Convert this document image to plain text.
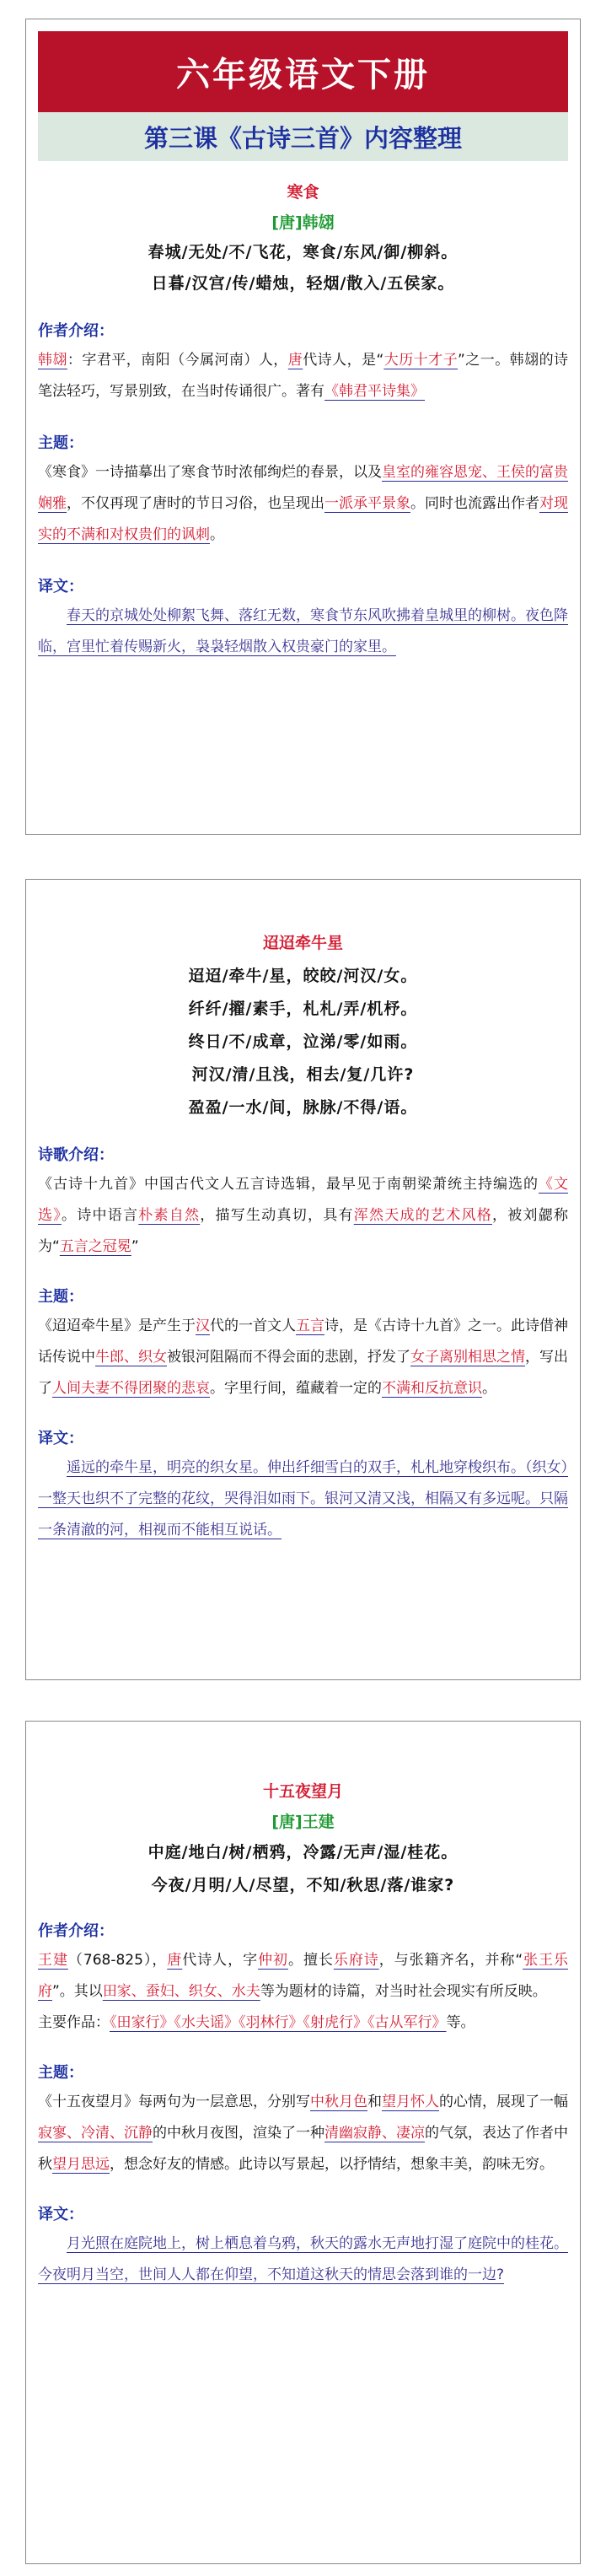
六年级语文下册
第三课《古诗三首》内容整理
寒食
[唐]韩翃
春城/无处/不/飞花，寒食/东风/御/柳斜。
日暮/汉宫/传/蜡烛，轻烟/散入/五侯家。
作者介绍：
韩翃：字君平，南阳（今属河南）人，唐代诗人，是“大历十才子”之一。韩翃的诗笔法轻巧，写景别致，在当时传诵很广。著有《韩君平诗集》
主题：
《寒食》一诗描摹出了寒食节时浓郁绚烂的春景，以及皇室的雍容恩宠、王侯的富贵娴雅，不仅再现了唐时的节日习俗，也呈现出一派承平景象。同时也流露出作者对现实的不满和对权贵们的讽刺。
译文：
春天的京城处处柳絮飞舞、落红无数，寒食节东风吹拂着皇城里的柳树。夜色降临，宫里忙着传赐新火，袅袅轻烟散入权贵豪门的家里。
迢迢牵牛星
迢迢/牵牛/星，皎皎/河汉/女。
纤纤/擢/素手，札札/弄/机杼。
终日/不/成章，泣涕/零/如雨。
河汉/清/且浅，相去/复/几许?
盈盈/一水/间，脉脉/不得/语。
诗歌介绍：
《古诗十九首》中国古代文人五言诗选辑，最早见于南朝梁萧统主持编选的《文选》。诗中语言朴素自然，描写生动真切，具有浑然天成的艺术风格，被刘勰称为“五言之冠冕”
主题：
《迢迢牵牛星》是产生于汉代的一首文人五言诗，是《古诗十九首》之一。此诗借神话传说中牛郎、织女被银河阻隔而不得会面的悲剧，抒发了女子离别相思之情，写出了人间夫妻不得团聚的悲哀。字里行间，蕴藏着一定的不满和反抗意识。
译文：
遥远的牵牛星，明亮的织女星。伸出纤细雪白的双手，札札地穿梭织布。（织女）一整天也织不了完整的花纹，哭得泪如雨下。银河又清又浅，相隔又有多远呢。只隔一条清澈的河，相视而不能相互说话。
十五夜望月
[唐]王建
中庭/地白/树/栖鸦，冷露/无声/湿/桂花。
今夜/月明/人/尽望，不知/秋思/落/谁家?
作者介绍：
王建（768-825），唐代诗人，字仲初。擅长乐府诗，与张籍齐名，并称“张王乐府”。其以田家、蚕妇、织女、水夫等为题材的诗篇，对当时社会现实有所反映。
主要作品：《田家行》《水夫谣》《羽林行》《射虎行》《古从军行》等。
主题：
《十五夜望月》每两句为一层意思，分别写中秋月色和望月怀人的心情，展现了一幅寂寥、冷清、沉静的中秋月夜图，渲染了一种清幽寂静、凄凉的气氛，表达了作者中秋望月思远，想念好友的情感。此诗以写景起，以抒情结，想象丰美，韵味无穷。
译文：
月光照在庭院地上，树上栖息着乌鸦，秋天的露水无声地打湿了庭院中的桂花。今夜明月当空，世间人人都在仰望，不知道这秋天的情思会落到谁的一边?
